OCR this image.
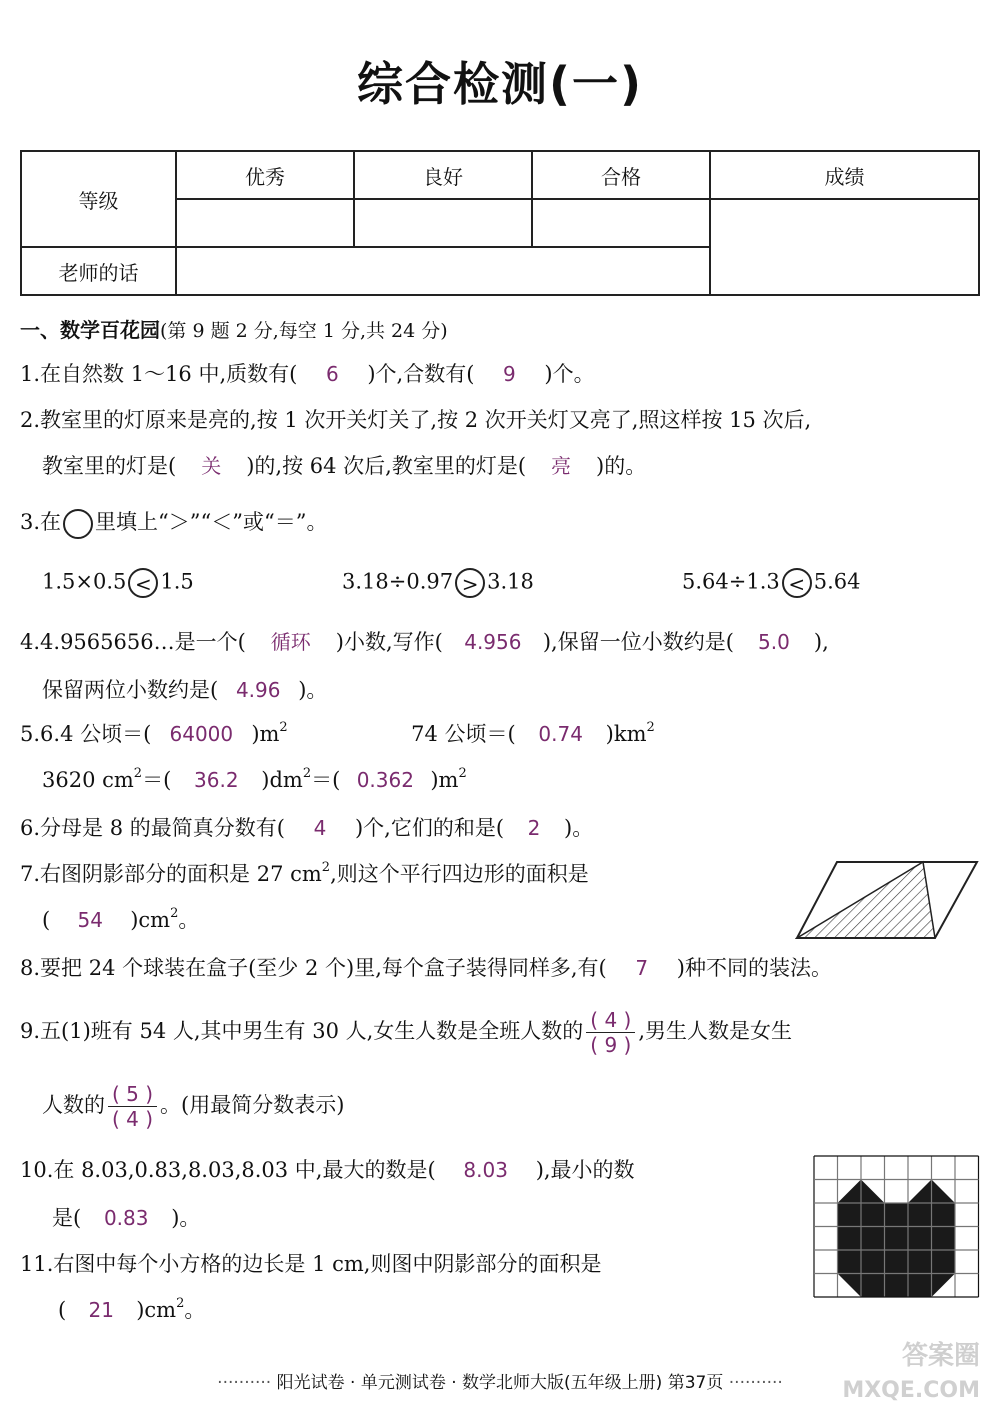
综合检测(一)
等级	优秀	良好	合格	成绩

老师的话				
一、数学百花园(第 9 题 2 分,每空 1 分,共 24 分)
1.在自然数 1～16 中,质数有( 6 )个,合数有( 9 )个。
2.教室里的灯原来是亮的,按 1 次开关灯关了,按 2 次开关灯又亮了,照这样按 15 次后,
教室里的灯是( 关 )的,按 64 次后,教室里的灯是( 亮 )的。
3.在 里填上“＞”“＜”或“＝”。
1.5×0.5 < 1.5	3.18÷0.97 > 3.18	5.64÷1.3 < 5.64
4.4.9565656…是一个( 循环 )小数,写作( 4.956 ),保留一位小数约是( 5.0 ),
保留两位小数约是( 4.96 )。
5.6.4 公顷＝( 64000 )$m^2$	74 公顷＝( 0.74 )$km^2$
3620 $cm^2=$( 36.2 )$dm^2=$( 0.362 )$m^2$
6.分母是 8 的最简真分数有( 4 )个,它们的和是( 2 )。
7.右图阴影部分的面积是 27 $cm^2$,则这个平行四边形的面积是
( 54 )$cm^2$。
8.要把 24 个球装在盒子(至少 2 个)里,每个盒子装得同样多,有( 7 )种不同的装法。
9.五(1)班有 54 人,其中男生有 30 人,女生人数是全班人数的 $\frac{( 4 )}{( 9 )}$ ,男生人数是女生
人数的 $\frac{( 5 )}{( 4 )}$ 。(用最简分数表示)
10.在 8.03,0.83,8.03,8.03 中,最大的数是( 8.03 ),最小的数
是( 0.83 )。
11.右图中每个小方格的边长是 1 cm,则图中阴影部分的面积是
( 21 )$cm^2$。
·········· 阳光试卷 · 单元测试卷 · 数学北师大版(五年级上册) 第37页 ··········
答案圈
MXQE.COM
